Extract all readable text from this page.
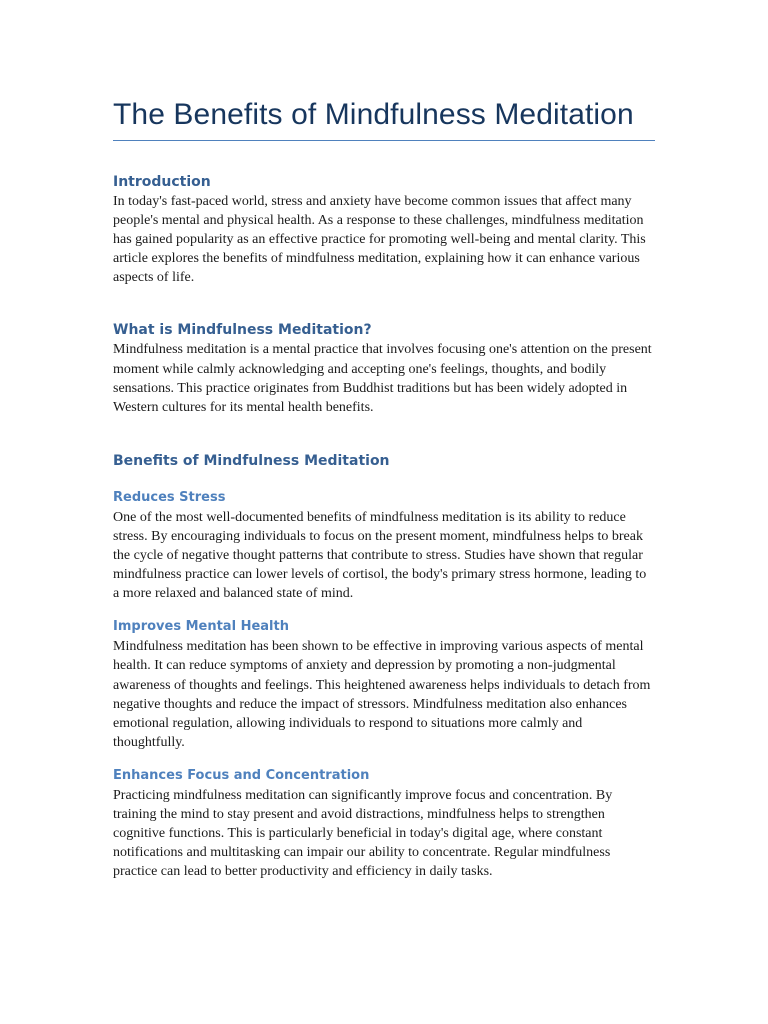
The Benefits of Mindfulness Meditation
Introduction

In today's fast-paced world, stress and anxiety have become common issues that affect many people's mental and physical health. As a response to these challenges, mindfulness meditation has gained popularity as an effective practice for promoting well-being and mental clarity. This article explores the benefits of mindfulness meditation, explaining how it can enhance various aspects of life.

What is Mindfulness Meditation?

Mindfulness meditation is a mental practice that involves focusing one's attention on the present moment while calmly acknowledging and accepting one's feelings, thoughts, and bodily sensations. This practice originates from Buddhist traditions but has been widely adopted in Western cultures for its mental health benefits.

Benefits of Mindfulness Meditation
Reduces Stress

One of the most well-documented benefits of mindfulness meditation is its ability to reduce stress. By encouraging individuals to focus on the present moment, mindfulness helps to break the cycle of negative thought patterns that contribute to stress. Studies have shown that regular mindfulness practice can lower levels of cortisol, the body's primary stress hormone, leading to a more relaxed and balanced state of mind.

Improves Mental Health

Mindfulness meditation has been shown to be effective in improving various aspects of mental health. It can reduce symptoms of anxiety and depression by promoting a non-judgmental awareness of thoughts and feelings. This heightened awareness helps individuals to detach from negative thoughts and reduce the impact of stressors. Mindfulness meditation also enhances emotional regulation, allowing individuals to respond to situations more calmly and thoughtfully.

Enhances Focus and Concentration

Practicing mindfulness meditation can significantly improve focus and concentration. By training the mind to stay present and avoid distractions, mindfulness helps to strengthen cognitive functions. This is particularly beneficial in today's digital age, where constant notifications and multitasking can impair our ability to concentrate. Regular mindfulness practice can lead to better productivity and efficiency in daily tasks.
